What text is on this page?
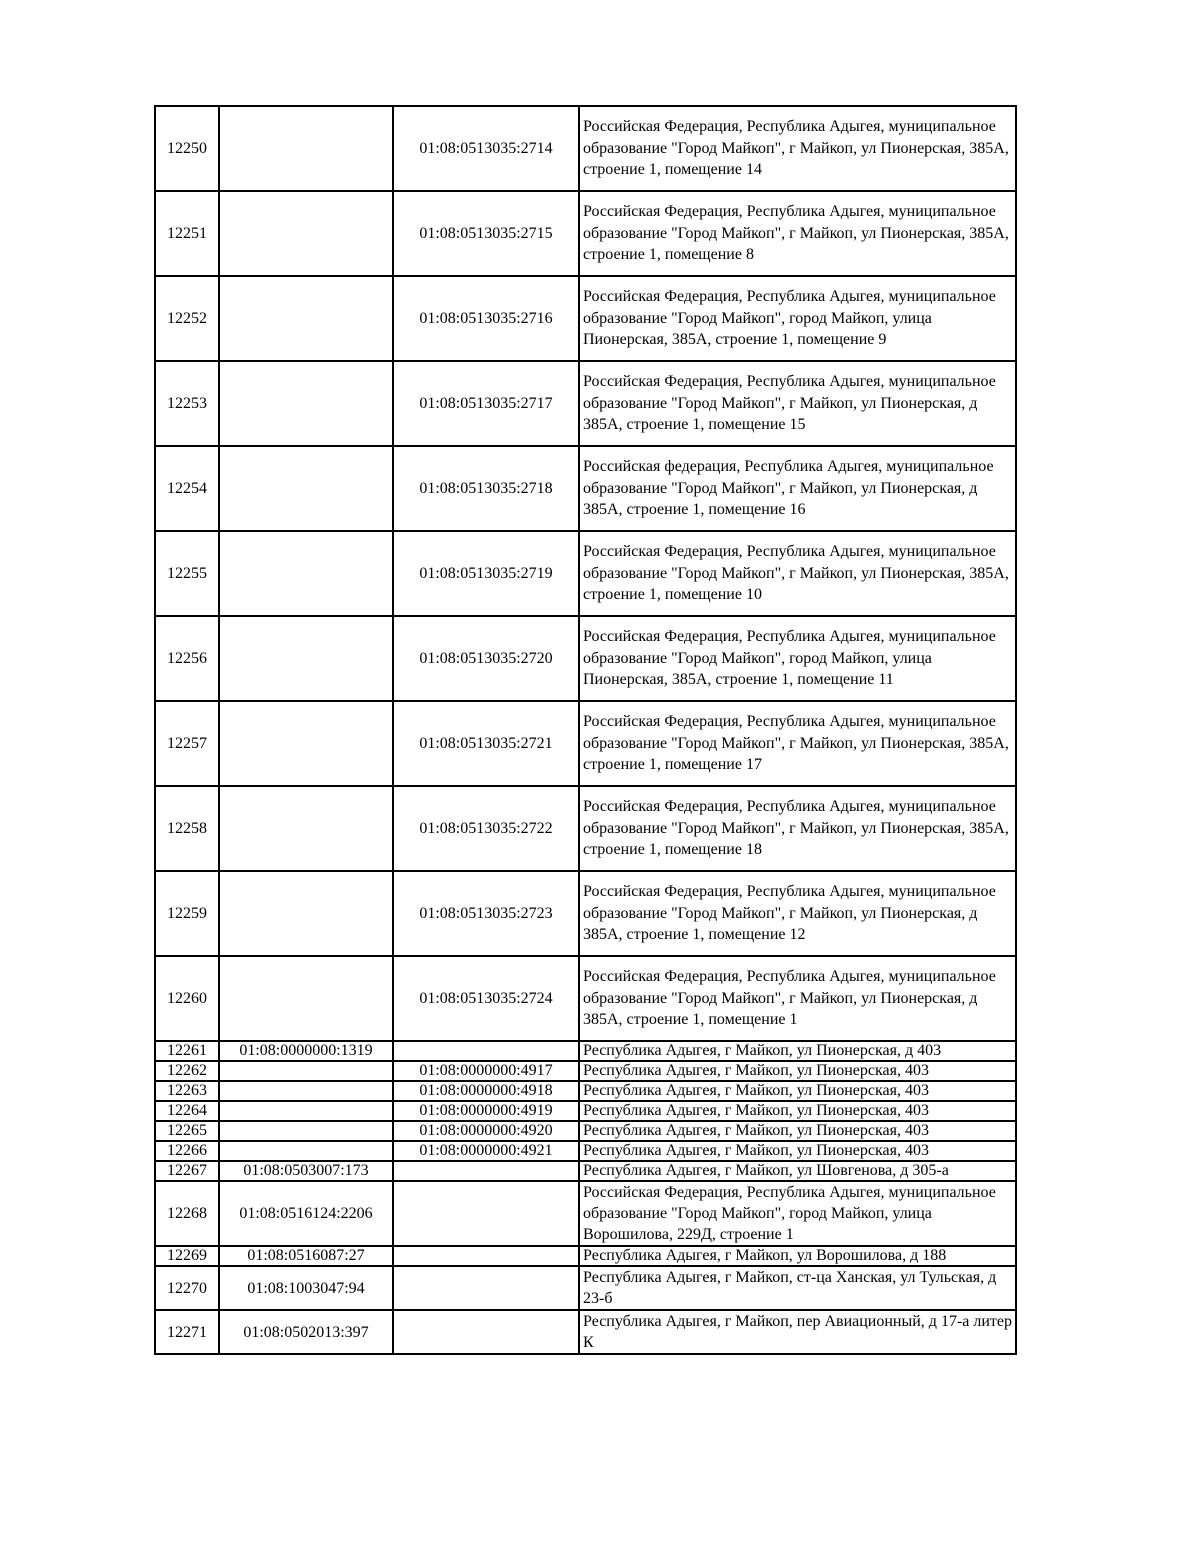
12250		01:08:0513035:2714	Российская Федерация, Республика Адыгея, муниципальное образование "Город Майкоп", г Майкоп, ул Пионерская, 385А, строение 1, помещение 14
12251		01:08:0513035:2715	Российская Федерация, Республика Адыгея, муниципальное образование "Город Майкоп", г Майкоп, ул Пионерская, 385А, строение 1, помещение 8
12252		01:08:0513035:2716	Российская Федерация, Республика Адыгея, муниципальное образование "Город Майкоп", город Майкоп, улица Пионерская, 385А, строение 1, помещение 9
12253		01:08:0513035:2717	Российская Федерация, Республика Адыгея, муниципальное образование "Город Майкоп", г Майкоп, ул Пионерская, д 385А, строение 1, помещение 15
12254		01:08:0513035:2718	Российская федерация, Республика Адыгея, муниципальное образование "Город Майкоп", г Майкоп, ул Пионерская, д 385А, строение 1, помещение 16
12255		01:08:0513035:2719	Российская Федерация, Республика Адыгея, муниципальное образование "Город Майкоп", г Майкоп, ул Пионерская, 385А, строение 1, помещение 10
12256		01:08:0513035:2720	Российская Федерация, Республика Адыгея, муниципальное образование "Город Майкоп", город Майкоп, улица Пионерская, 385А, строение 1, помещение 11
12257		01:08:0513035:2721	Российская Федерация, Республика Адыгея, муниципальное образование "Город Майкоп", г Майкоп, ул Пионерская, 385А, строение 1, помещение 17
12258		01:08:0513035:2722	Российская Федерация, Республика Адыгея, муниципальное образование "Город Майкоп", г Майкоп, ул Пионерская, 385А, строение 1, помещение 18
12259		01:08:0513035:2723	Российская Федерация, Республика Адыгея, муниципальное образование "Город Майкоп", г Майкоп, ул Пионерская, д 385А, строение 1, помещение 12
12260		01:08:0513035:2724	Российская Федерация, Республика Адыгея, муниципальное образование "Город Майкоп", г Майкоп, ул Пионерская, д 385А, строение 1, помещение 1
12261	01:08:0000000:1319		Республика Адыгея, г Майкоп, ул Пионерская, д 403
12262		01:08:0000000:4917	Республика Адыгея, г Майкоп, ул Пионерская, 403
12263		01:08:0000000:4918	Республика Адыгея, г Майкоп, ул Пионерская, 403
12264		01:08:0000000:4919	Республика Адыгея, г Майкоп, ул Пионерская, 403
12265		01:08:0000000:4920	Республика Адыгея, г Майкоп, ул Пионерская, 403
12266		01:08:0000000:4921	Республика Адыгея, г Майкоп, ул Пионерская, 403
12267	01:08:0503007:173		Республика Адыгея, г Майкоп, ул Шовгенова, д 305-а
12268	01:08:0516124:2206		Российская Федерация, Республика Адыгея, муниципальное образование "Город Майкоп", город Майкоп, улица Ворошилова, 229Д, строение 1
12269	01:08:0516087:27		Республика Адыгея, г Майкоп, ул Ворошилова, д 188
12270	01:08:1003047:94		Республика Адыгея, г Майкоп, ст-ца Ханская, ул Тульская, д 23-б
12271	01:08:0502013:397		Республика Адыгея, г Майкоп, пер Авиационный, д 17-а литер К
